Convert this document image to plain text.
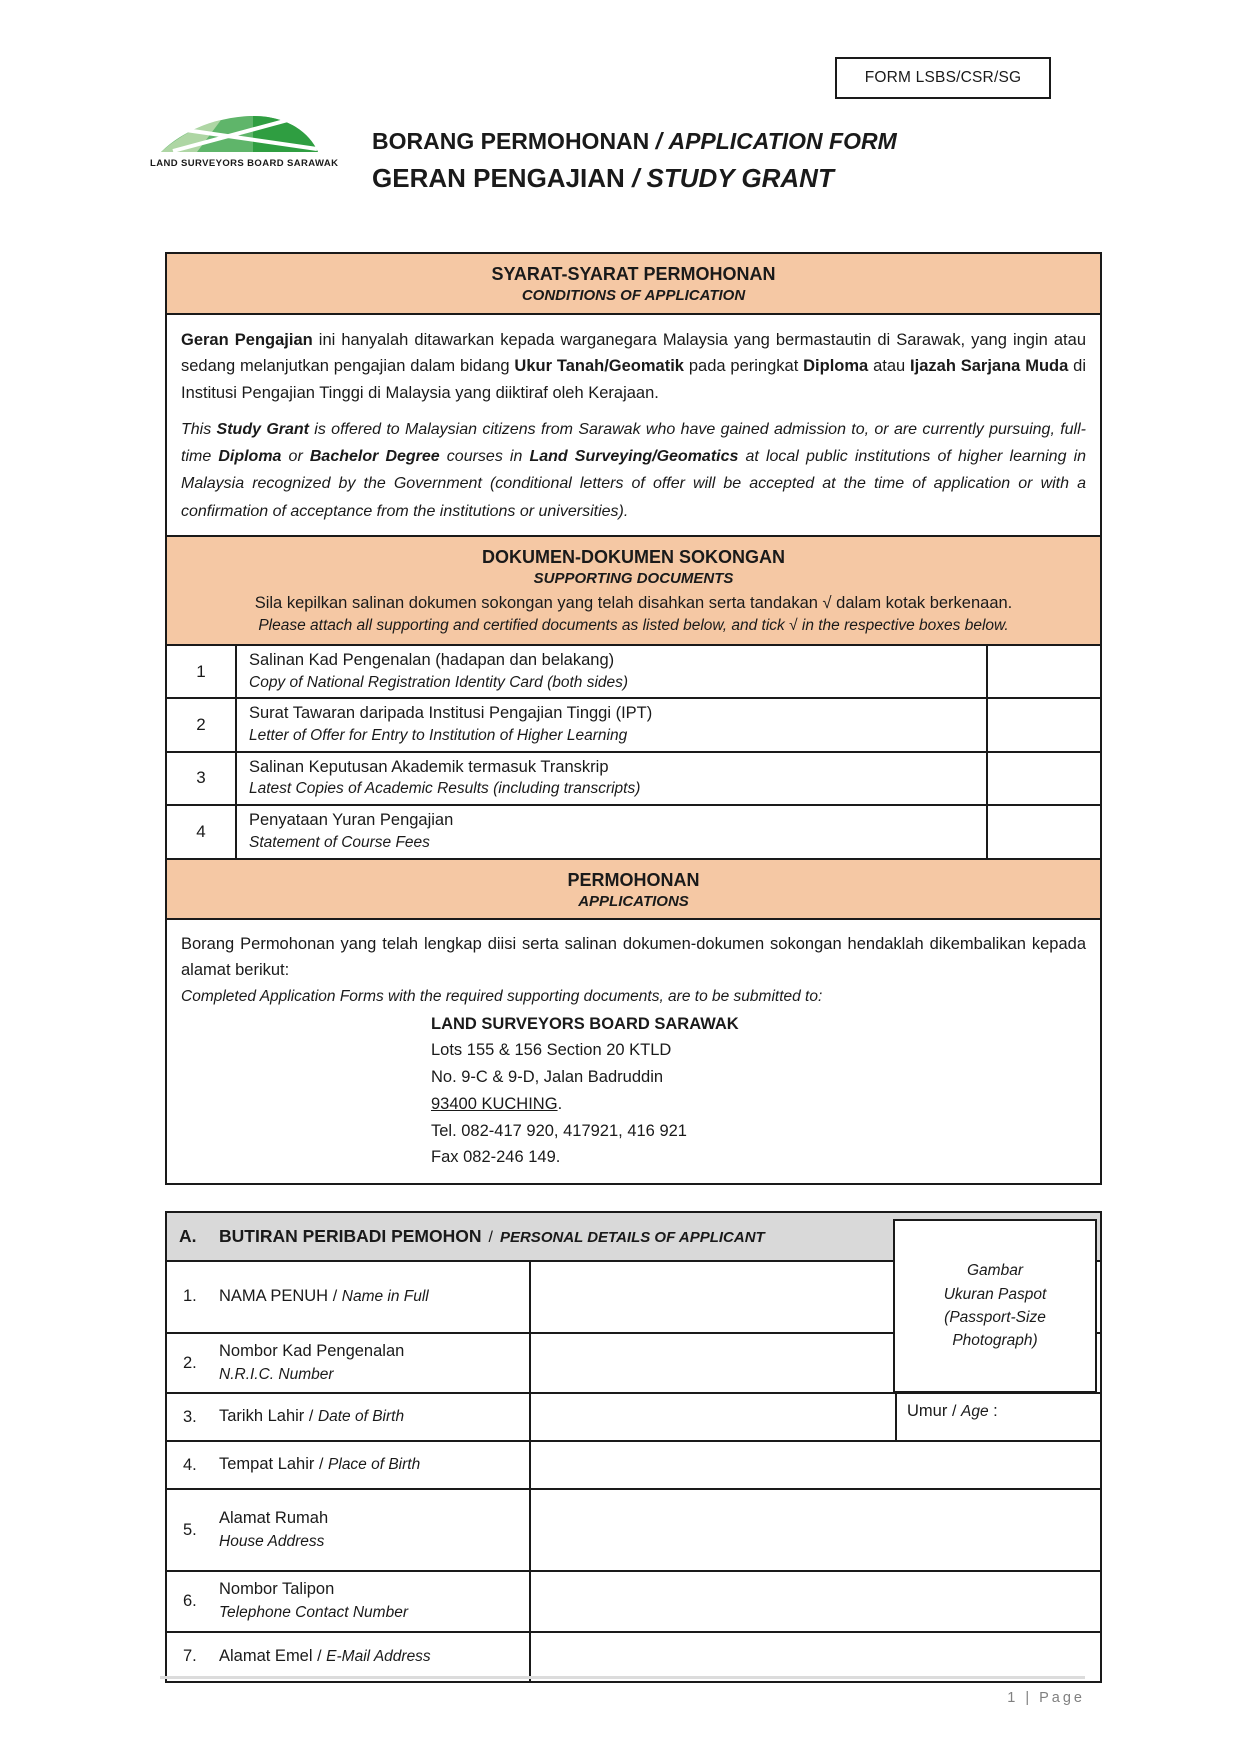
FORM LSBS/CSR/SG
LAND SURVEYORS BOARD SARAWAK
BORANG PERMOHONAN / APPLICATION FORM
GERAN PENGAJIAN / STUDY GRANT
SYARAT-SYARAT PERMOHONAN
CONDITIONS OF APPLICATION
Geran Pengajian ini hanyalah ditawarkan kepada warganegara Malaysia yang bermastautin di Sarawak, yang ingin atau sedang melanjutkan pengajian dalam bidang Ukur Tanah/Geomatik pada peringkat Diploma atau Ijazah Sarjana Muda di Institusi Pengajian Tinggi di Malaysia yang diiktiraf oleh Kerajaan.
This Study Grant is offered to Malaysian citizens from Sarawak who have gained admission to, or are currently pursuing, full-time Diploma or Bachelor Degree courses in Land Surveying/Geomatics at local public institutions of higher learning in Malaysia recognized by the Government (conditional letters of offer will be accepted at the time of application or with a confirmation of acceptance from the institutions or universities).
DOKUMEN-DOKUMEN SOKONGAN
SUPPORTING DOCUMENTS
Sila kepilkan salinan dokumen sokongan yang telah disahkan serta tandakan √ dalam kotak berkenaan.
Please attach all supporting and certified documents as listed below, and tick √ in the respective boxes below.
1
Salinan Kad Pengenalan (hadapan dan belakang)
Copy of National Registration Identity Card (both sides)
2
Surat Tawaran daripada Institusi Pengajian Tinggi (IPT)
Letter of Offer for Entry to Institution of Higher Learning
3
Salinan Keputusan Akademik termasuk Transkrip
Latest Copies of Academic Results (including transcripts)
4
Penyataan Yuran Pengajian
Statement of Course Fees
PERMOHONAN
APPLICATIONS
Borang Permohonan yang telah lengkap diisi serta salinan dokumen-dokumen sokongan hendaklah dikembalikan kepada alamat berikut:
Completed Application Forms with the required supporting documents, are to be submitted to:
LAND SURVEYORS BOARD SARAWAK
Lots 155 & 156 Section 20 KTLD
No. 9-C & 9-D, Jalan Badruddin
93400 KUCHING.
Tel. 082-417 920, 417921, 416 921
Fax 082-246 149.
Gambar
Ukuran Paspot
(Passport-Size
Photograph)
A.	BUTIRAN PERIBADI PEMOHON / PERSONAL DETAILS OF APPLICANT
1.	NAMA PENUH / Name in Full
2.
Nombor Kad Pengenalan
N.R.I.C. Number
3.	Tarikh Lahir / Date of Birth	Umur / Age :
4.	Tempat Lahir / Place of Birth
5.
Alamat Rumah
House Address
6.
Nombor Talipon
Telephone Contact Number
7.	Alamat Emel / E-Mail Address
1 | Page
